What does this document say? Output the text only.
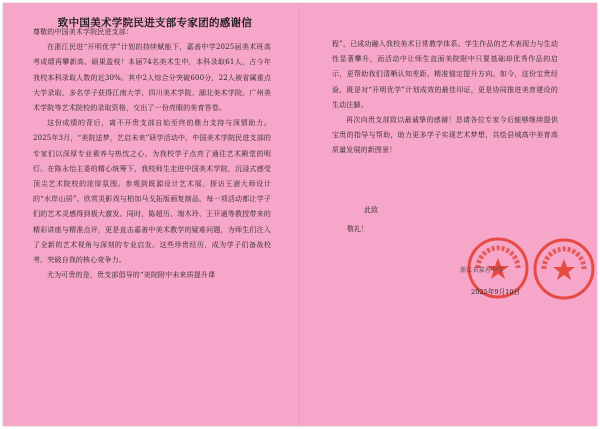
致中国美术学院民进支部专家团的感谢信
尊敬的中国美术学院民进支部：
在浙江民进“开明优学”计划的持续赋能下，嘉善中学2025届美术班高考成绩再攀新高、硕果盈枝！本届74名美术生中，本科录取61人，占今年我校本科录取人数的近30%。其中2人综合分突破600分，22人被省属重点大学录取，多名学子获得江南大学、四川美术学院、湖北美术学院、广州美术学院等艺术院校的录取资格，交出了一份亮眼的美育答卷。
这份成绩的背后，离不开贵支部自始至终的鼎力支持与深情助力。2025年3月，“美院送梦，艺启未来”研学活动中，中国美术学院民进支部的专家们以深厚专业素养与热忱之心，为我校学子点亮了通往艺术殿堂的明灯。在陈永怡主委的精心统筹下，我校师生走进中国美术学院，沉浸式感受顶尖艺术院校的浓厚氛围。参观到既源设计艺术展、探访王澍大师设计的“水岸山居”、欣赏炎影戏与柏加马戈拓版画复制品，每一项活动都让学子们的艺术灵感得到极大激发。同时，陈超历、端木玲、王开通等教授带来的精彩讲座与精准点评，更是直击嘉善中美术教学的疑难问题，为师生们注入了全新的艺术视角与深刻的专业启发。这些珍贵经历，成为学子们备战校考、突破自我的核心竞争力。
尤为可贵的是，贵支部倡导的“美院附中未来质提升课
程”，已成功融入我校美术日常教学体系。学生作品的艺术表现力与生动性显著攀升，而活动中让师生直面美院附中只要基础却优秀作品的启示，更帮助我们清晰认知差距、精准锚定提升方向。如今，这份宝贵经验，既是对“开明优学”计划成效的最佳印证，更是协同推进美育建设的生动注脚。
再次向贵支部致以最诚挚的感谢！恳请各位专家今后能够继续提供宝贵的指导与帮助，助力更多学子实现艺术梦想，共绘县城高中美育高质量发展的新图景！
此致
敬礼！
浙江省嘉善中学
2025年9月10日
